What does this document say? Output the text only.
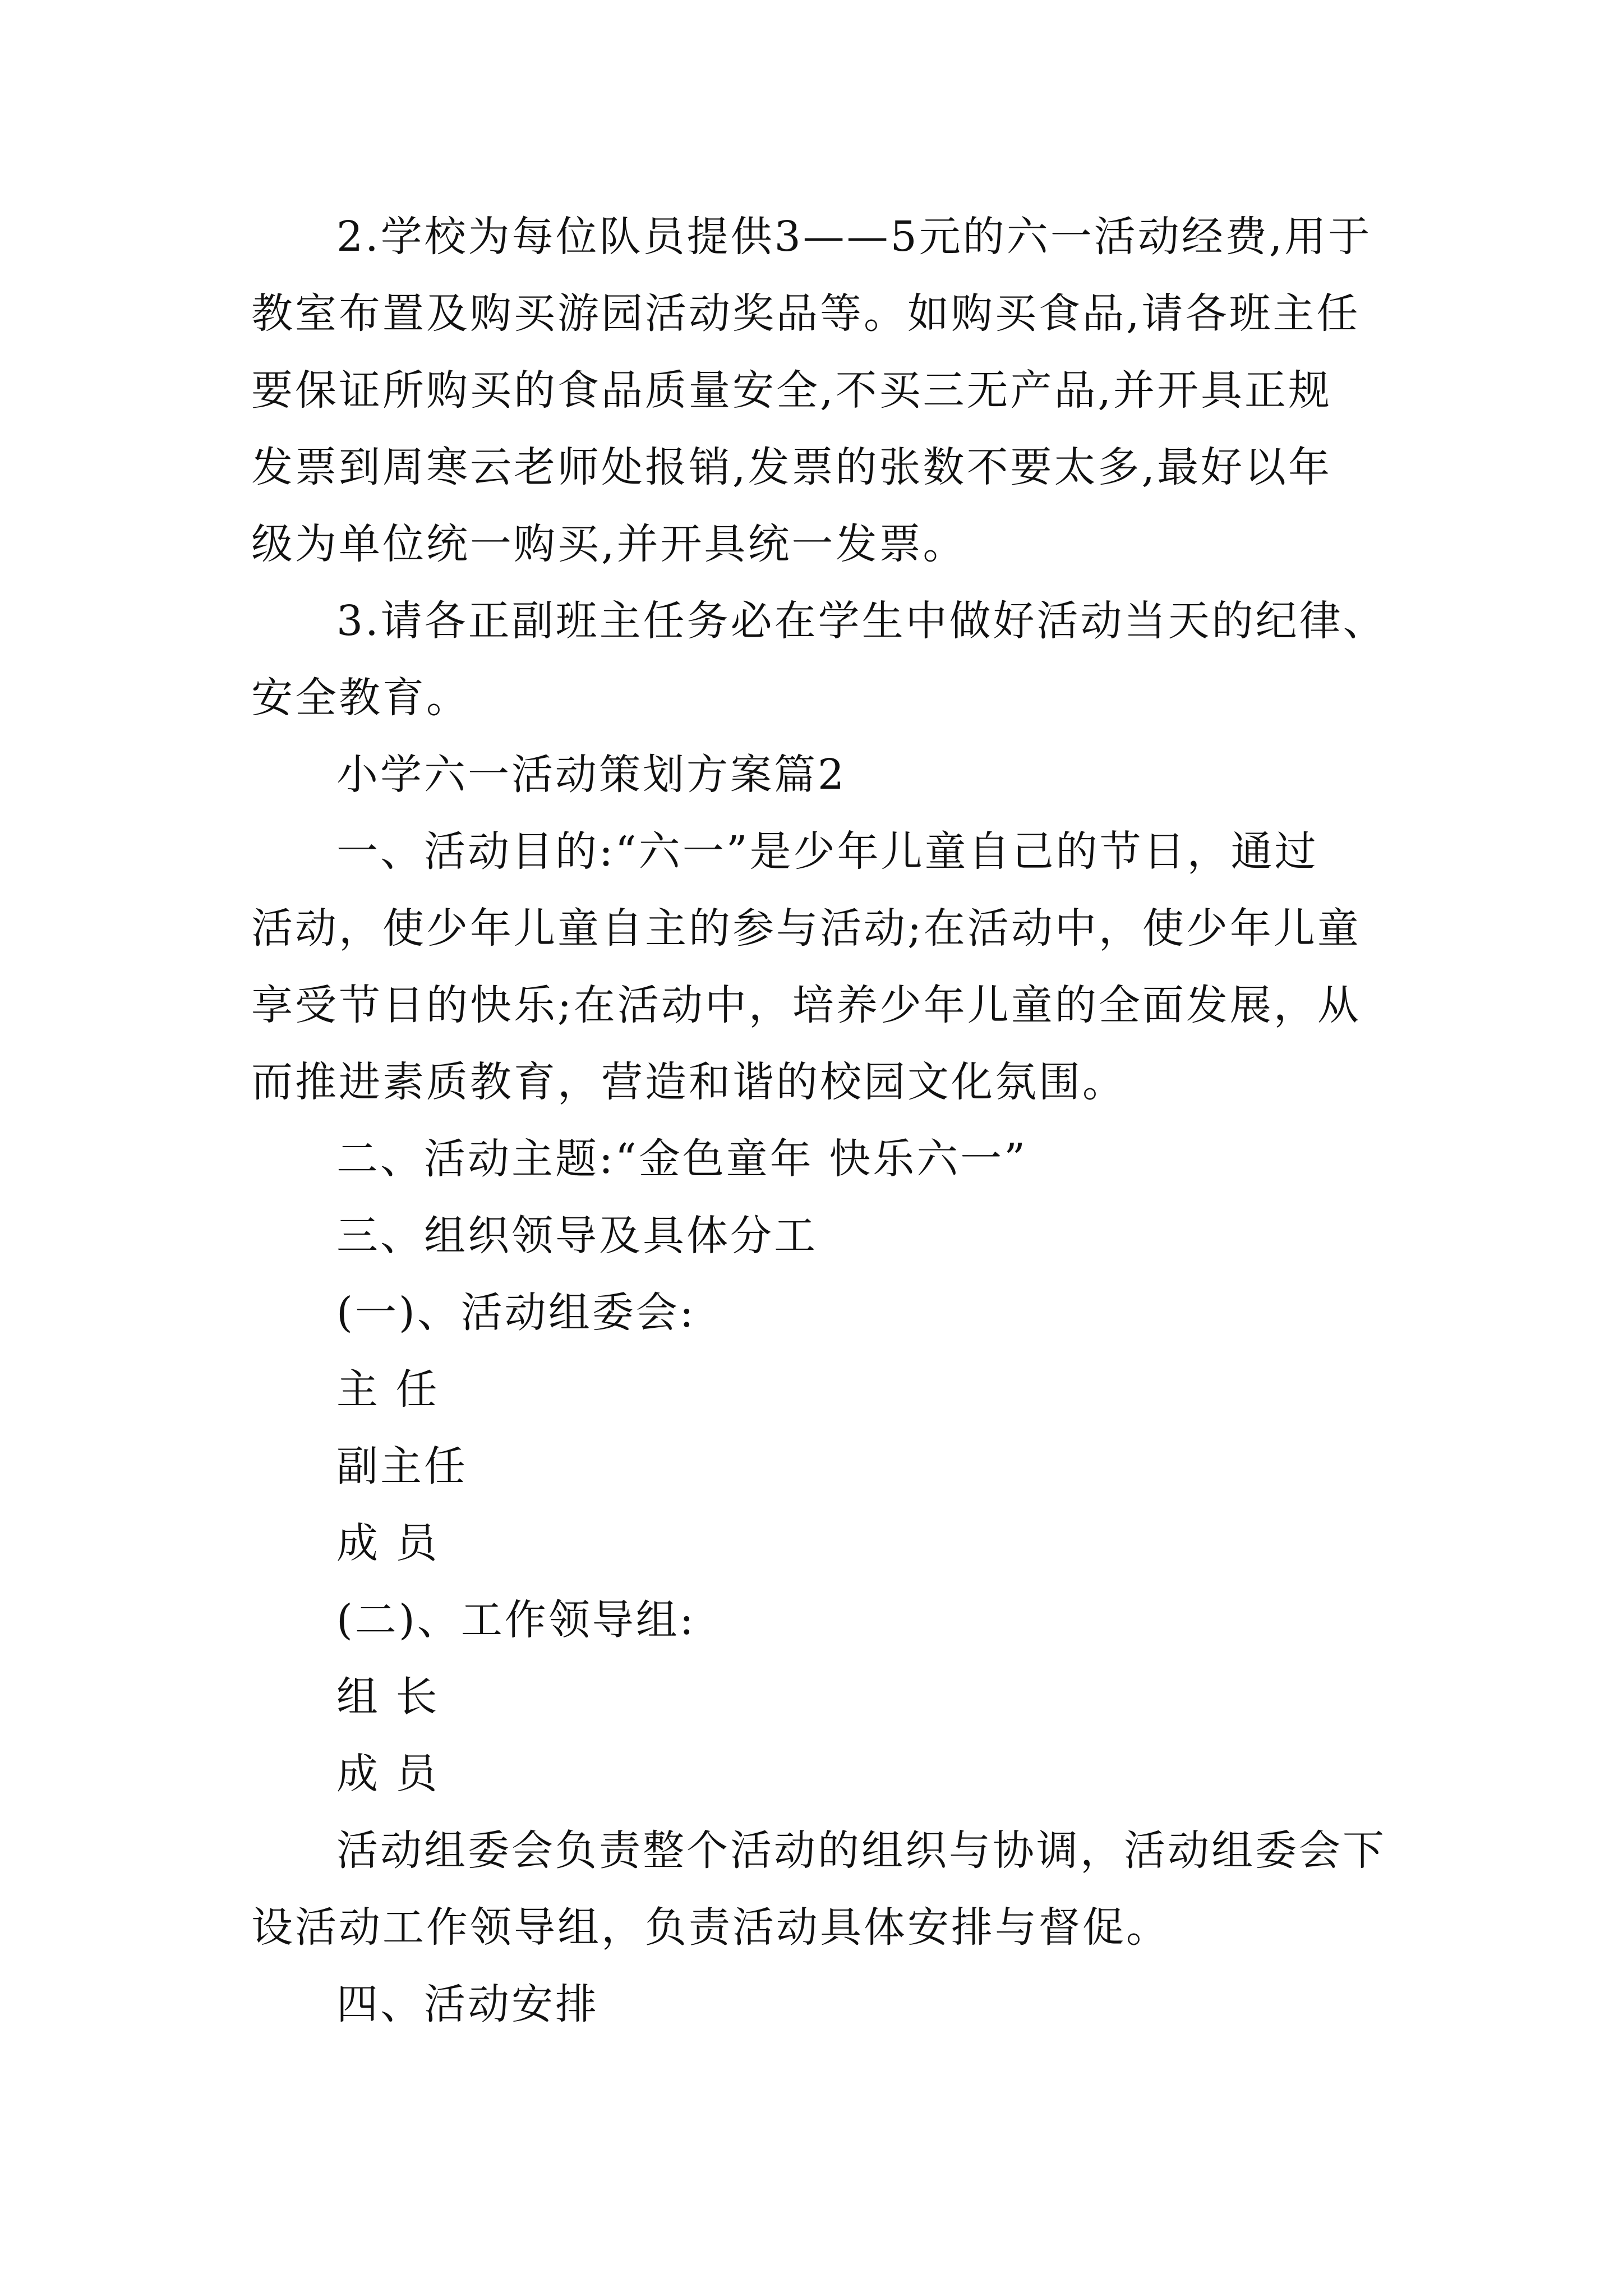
2.学校为每位队员提供3——5元的六一活动经费,用于
教室布置及购买游园活动奖品等。如购买食品,请各班主任
要保证所购买的食品质量安全,不买三无产品,并开具正规
发票到周寒云老师处报销,发票的张数不要太多,最好以年
级为单位统一购买,并开具统一发票。
3.请各正副班主任务必在学生中做好活动当天的纪律、
安全教育。
小学六一活动策划方案篇2
一、活动目的:“六一”是少年儿童自己的节日，通过
活动，使少年儿童自主的参与活动;在活动中，使少年儿童
享受节日的快乐;在活动中，培养少年儿童的全面发展，从
而推进素质教育，营造和谐的校园文化氛围。
二、活动主题:“金色童年 快乐六一”
三、组织领导及具体分工
(一)、活动组委会:
主 任
副主任
成 员
(二)、工作领导组:
组 长
成 员
活动组委会负责整个活动的组织与协调，活动组委会下
设活动工作领导组，负责活动具体安排与督促。
四、活动安排
